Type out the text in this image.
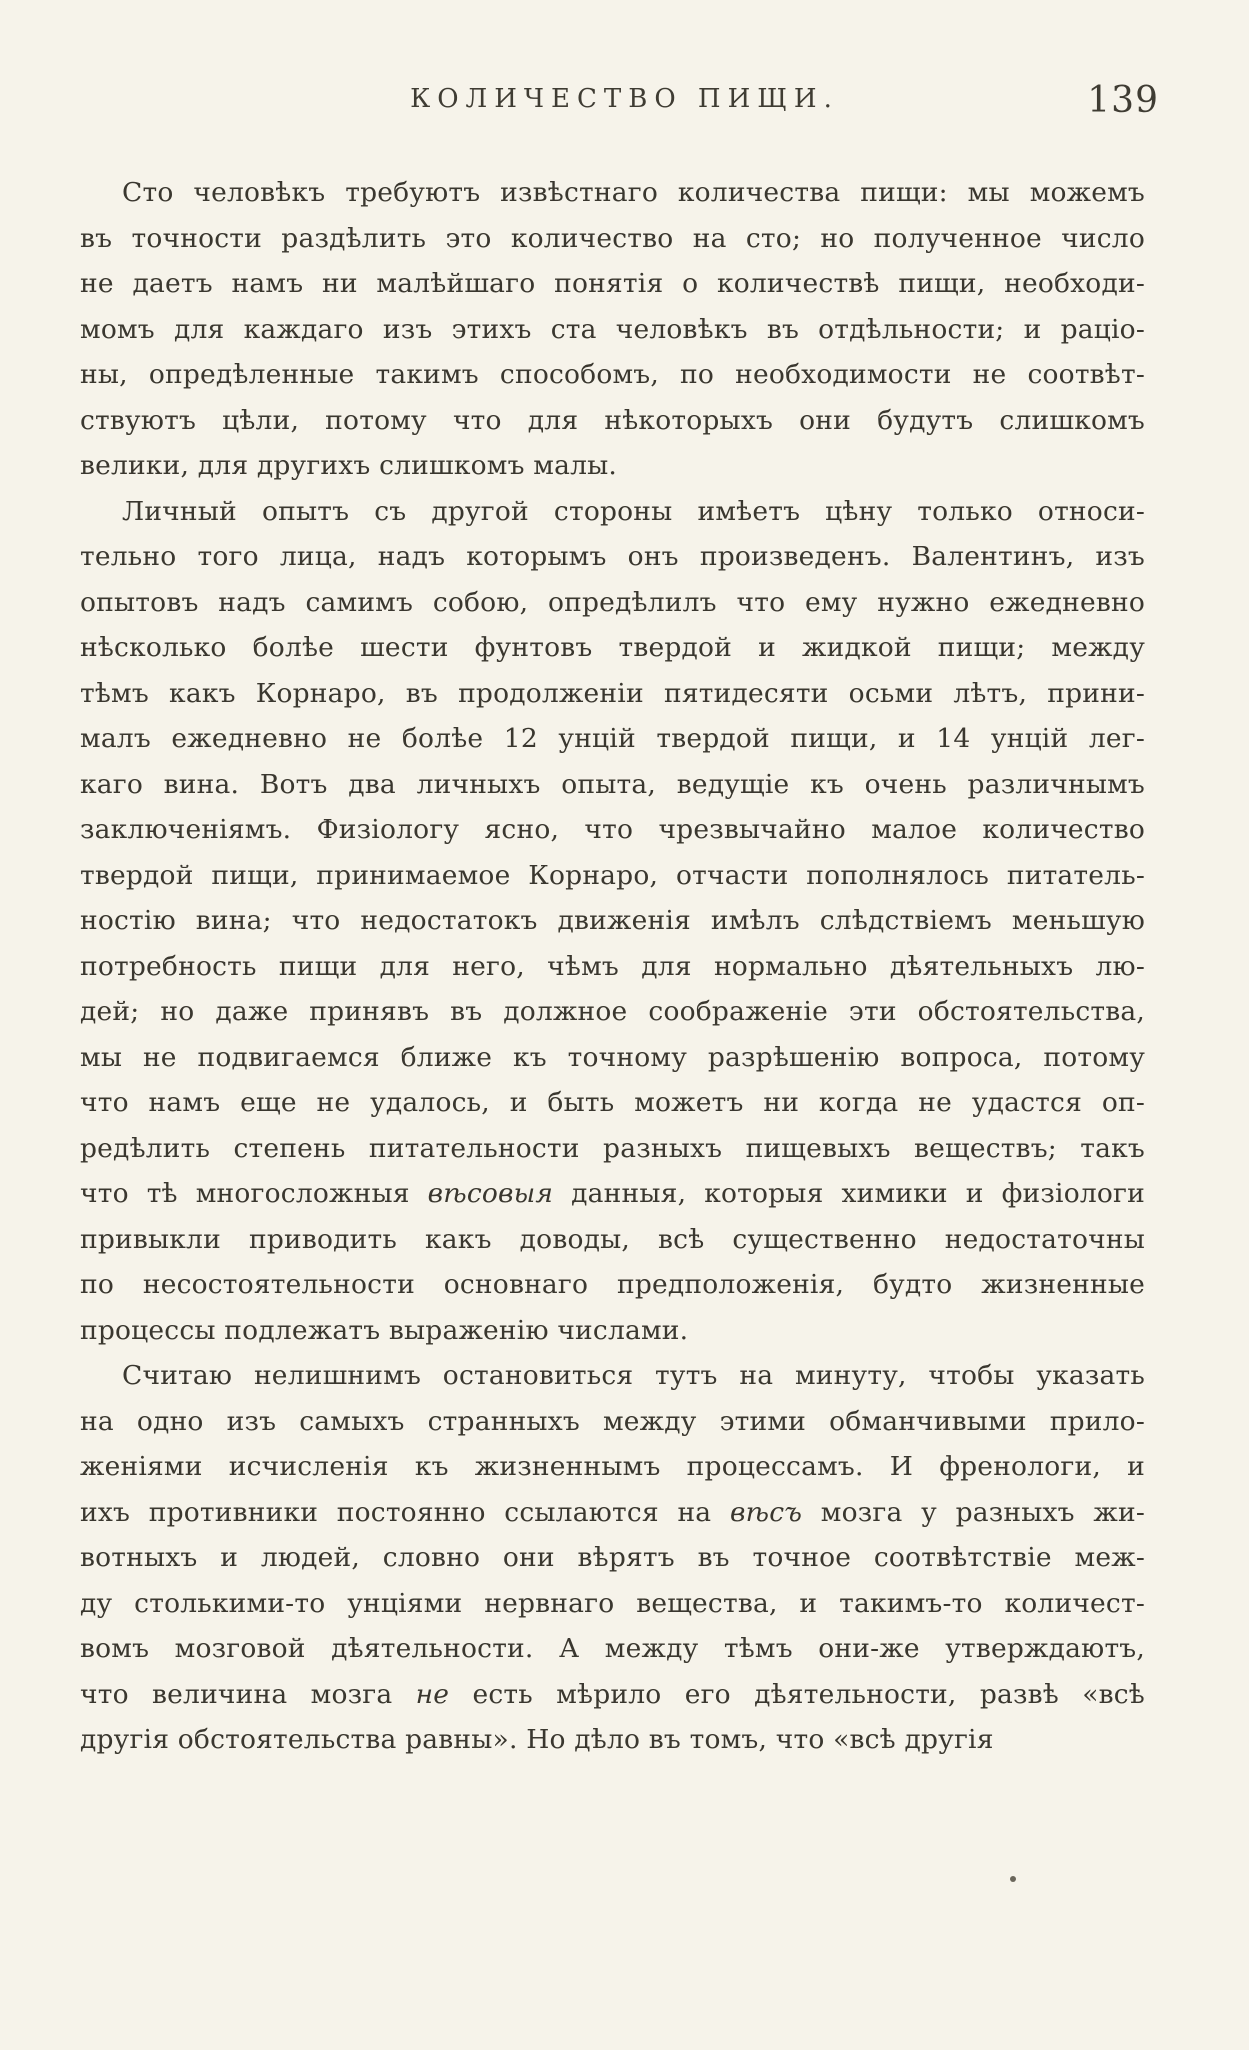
КОЛИЧЕСТВО ПИЩИ.	139
Сто человѣкъ требуютъ извѣстнаго количества пищи: мы можемъ
въ точности раздѣлить это количество на сто; но полученное число
не даетъ намъ ни малѣйшаго понятія о количествѣ пищи, необходи-
момъ для каждаго изъ этихъ ста человѣкъ въ отдѣльности; и раціо-
ны, опредѣленные такимъ способомъ, по необходимости не соотвѣт-
ствуютъ цѣли, потому что для нѣкоторыхъ они будутъ слишкомъ
велики, для другихъ слишкомъ малы.
Личный опытъ съ другой стороны имѣетъ цѣну только относи-
тельно того лица, надъ которымъ онъ произведенъ. Валентинъ, изъ
опытовъ надъ самимъ собою, опредѣлилъ что ему нужно ежедневно
нѣсколько болѣе шести фунтовъ твердой и жидкой пищи; между
тѣмъ какъ Корнаро, въ продолженіи пятидесяти осьми лѣтъ, прини-
малъ ежедневно не болѣе 12 унцій твердой пищи, и 14 унцій лег-
каго вина. Вотъ два личныхъ опыта, ведущіе къ очень различнымъ
заключеніямъ. Физіологу ясно, что чрезвычайно малое количество
твердой пищи, принимаемое Корнаро, отчасти пополнялось питатель-
ностію вина; что недостатокъ движенія имѣлъ слѣдствіемъ меньшую
потребность пищи для него, чѣмъ для нормально дѣятельныхъ лю-
дей; но даже принявъ въ должное соображеніе эти обстоятельства,
мы не подвигаемся ближе къ точному разрѣшенію вопроса, потому
что намъ еще не удалось, и быть можетъ ни когда не удастся оп-
редѣлить степень питательности разныхъ пищевыхъ веществъ; такъ
что тѣ многосложныя вѣсовыя данныя, которыя химики и физіологи
привыкли приводить какъ доводы, всѣ существенно недостаточны
по несостоятельности основнаго предположенія, будто жизненные
процессы подлежатъ выраженію числами.
Считаю нелишнимъ остановиться тутъ на минуту, чтобы указать
на одно изъ самыхъ странныхъ между этими обманчивыми прило-
женіями исчисленія къ жизненнымъ процессамъ. И френологи, и
ихъ противники постоянно ссылаются на вѣсъ мозга у разныхъ жи-
вотныхъ и людей, словно они вѣрятъ въ точное соотвѣтствіе меж-
ду столькими-то унціями нервнаго вещества, и такимъ-то количест-
вомъ мозговой дѣятельности. А между тѣмъ они-же утверждаютъ,
что величина мозга не есть мѣрило его дѣятельности, развѣ «всѣ
другія обстоятельства равны». Но дѣло въ томъ, что «всѣ другія
